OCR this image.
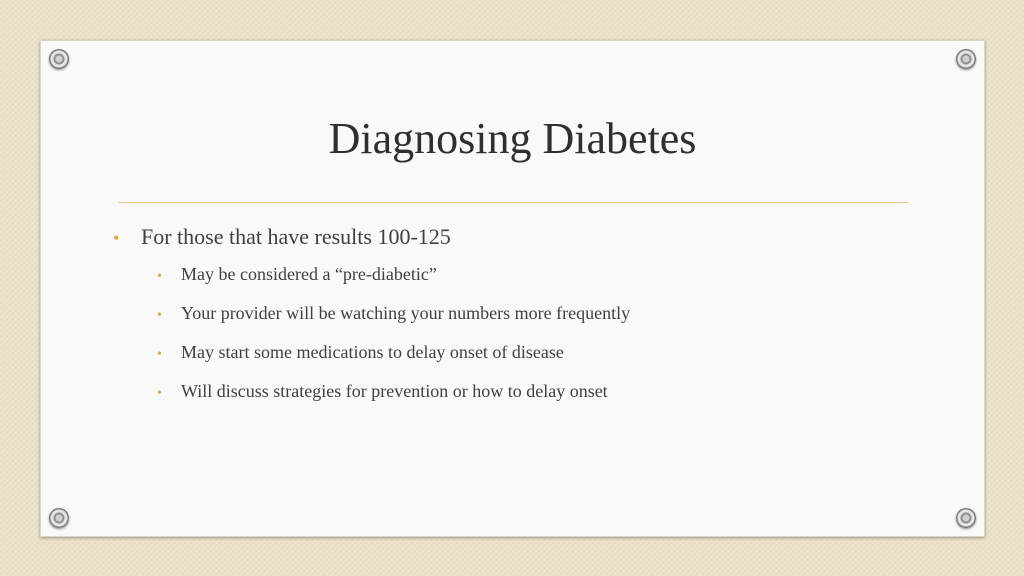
Diagnosing Diabetes
• For those that have results 100-125
•	May be considered a “pre-diabetic”
•	Your provider will be watching your numbers more frequently
•	May start some medications to delay onset of disease
•	Will discuss strategies for prevention or how to delay onset
